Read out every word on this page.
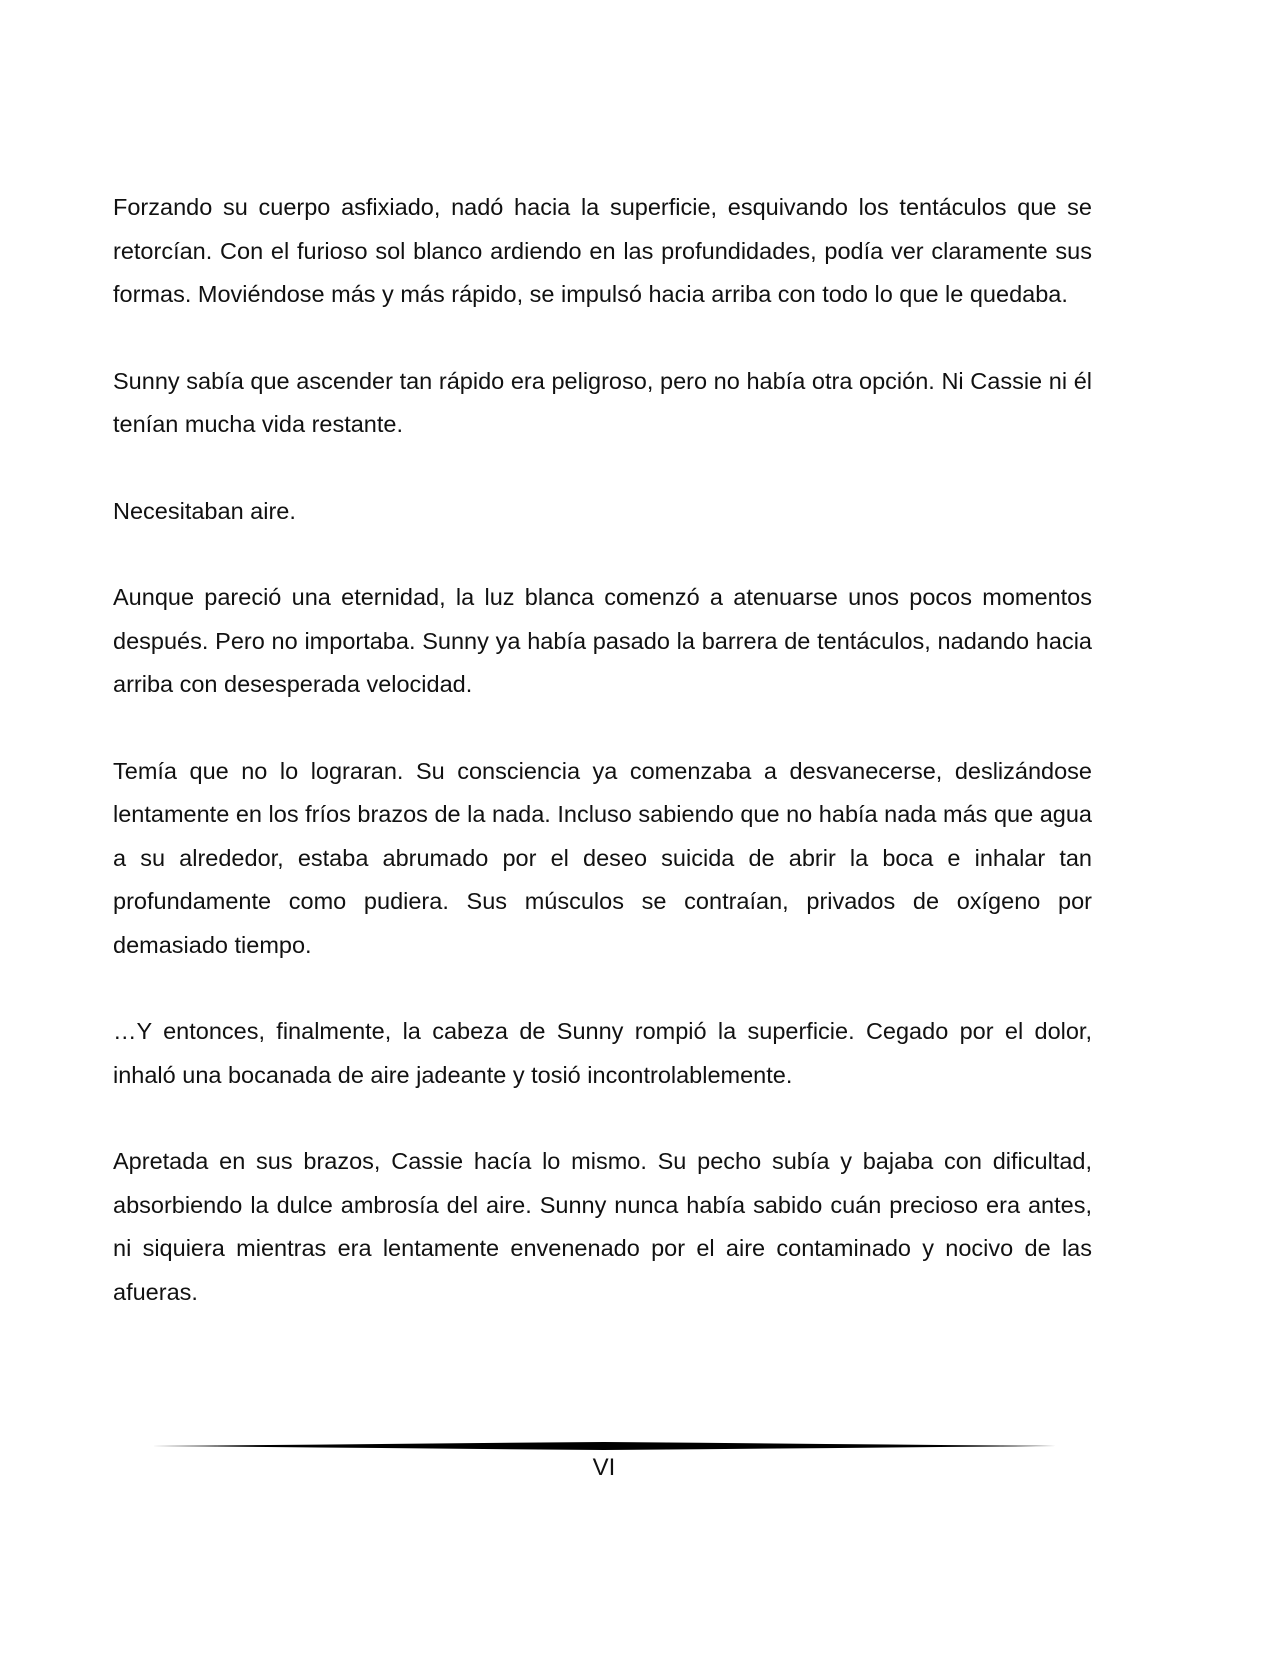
Forzando su cuerpo asfixiado, nadó hacia la superficie, esquivando los tentáculos que se retorcían. Con el furioso sol blanco ardiendo en las profundidades, podía ver claramente sus formas. Moviéndose más y más rápido, se impulsó hacia arriba con todo lo que le quedaba.

Sunny sabía que ascender tan rápido era peligroso, pero no había otra opción. Ni Cassie ni él tenían mucha vida restante.

Necesitaban aire.

Aunque pareció una eternidad, la luz blanca comenzó a atenuarse unos pocos momentos después. Pero no importaba. Sunny ya había pasado la barrera de tentáculos, nadando hacia arriba con desesperada velocidad.

Temía que no lo lograran. Su consciencia ya comenzaba a desvanecerse, deslizándose lentamente en los fríos brazos de la nada. Incluso sabiendo que no había nada más que agua a su alrededor, estaba abrumado por el deseo suicida de abrir la boca e inhalar tan profundamente como pudiera. Sus músculos se contraían, privados de oxígeno por demasiado tiempo.

…Y entonces, finalmente, la cabeza de Sunny rompió la superficie. Cegado por el dolor, inhaló una bocanada de aire jadeante y tosió incontrolablemente.

Apretada en sus brazos, Cassie hacía lo mismo. Su pecho subía y bajaba con dificultad, absorbiendo la dulce ambrosía del aire. Sunny nunca había sabido cuán precioso era antes, ni siquiera mientras era lentamente envenenado por el aire contaminado y nocivo de las afueras.

VI
